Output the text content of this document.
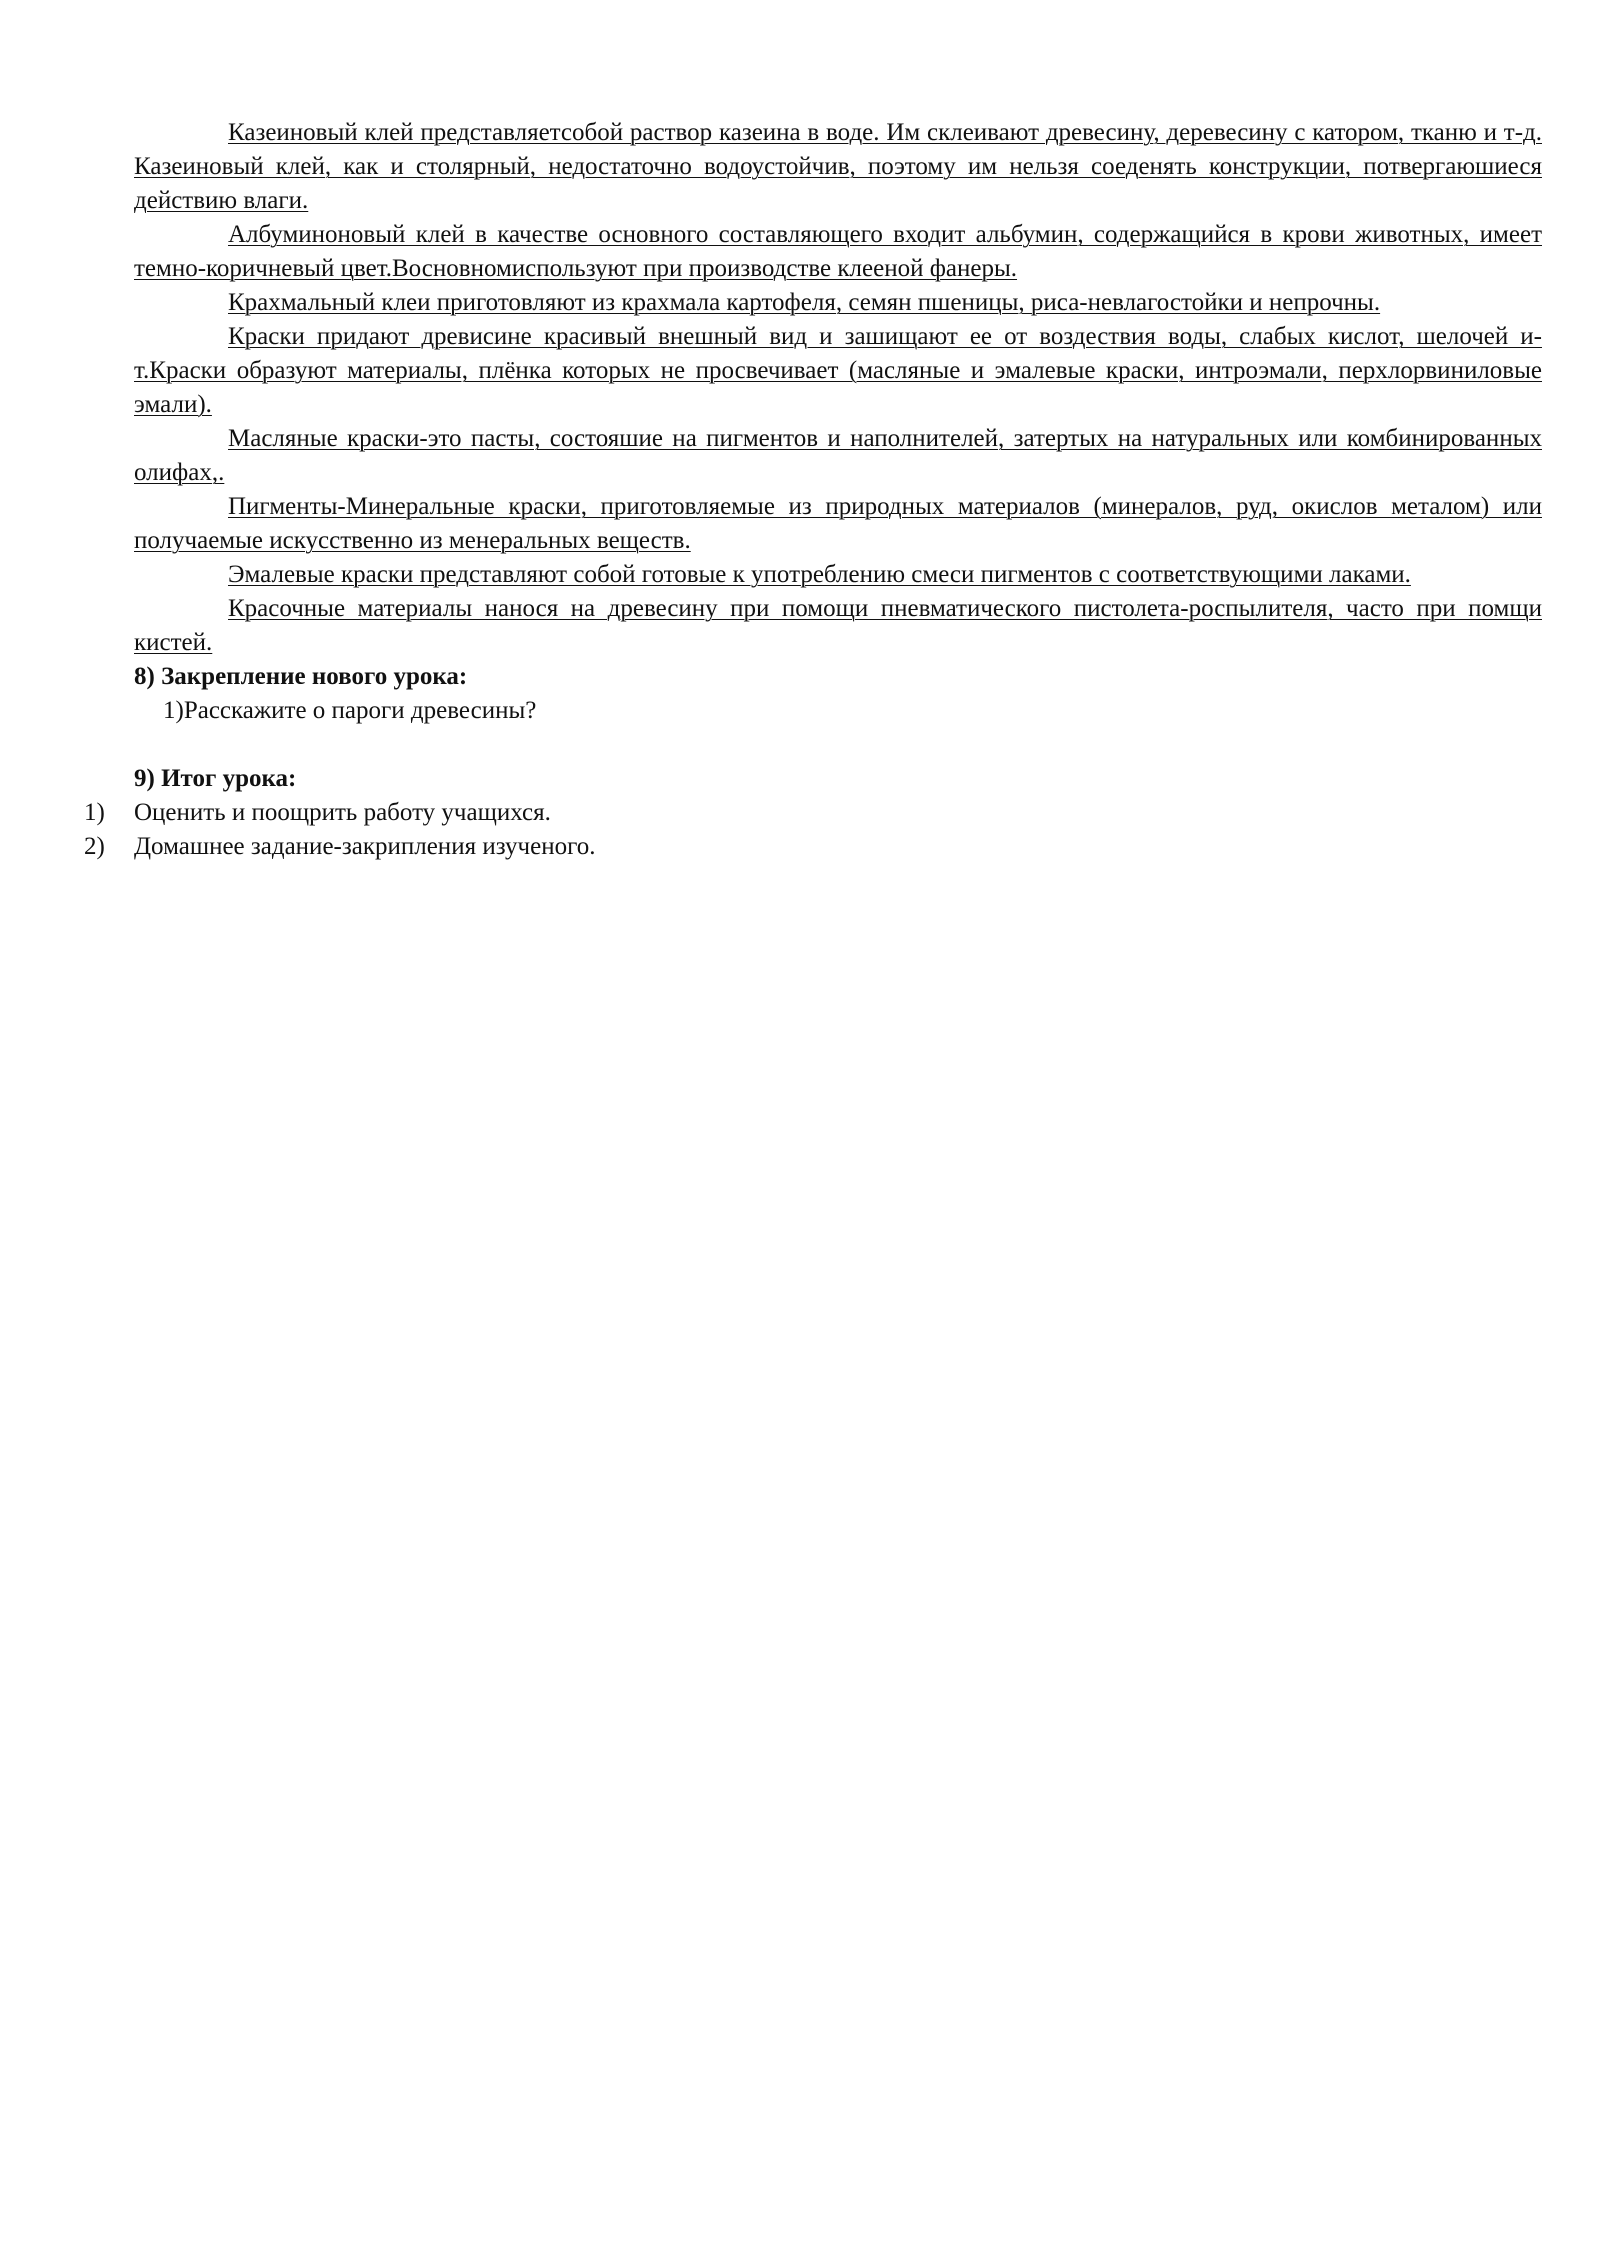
Казеиновый клей представляетсобой раствор казеина в воде. Им склеивают древесину, деревесину с катором, тканю и т-д. Казеиновый клей, как и столярный, недостаточно водоустойчив, поэтому им нельзя соеденять конструкции, потвергаюшиеся действию влаги.

Албуминоновый клей в качестве основного составляющего входит альбумин, содержащийся в крови животных, имеет темно-коричневый цвет.Восновномиспользуют при производстве клееной фанеры.

Крахмальный клеи приготовляют из крахмала картофеля, семян пшеницы, риса-невлагостойки и непрочны.

Краски придают древисине красивый внешный вид и зашищают ее от воздествия воды, слабых кислот, шелочей и-т.Краски образуют материалы, плёнка которых не просвечивает (масляные и эмалевые краски, интроэмали, перхлорвиниловые эмали).

Масляные краски-это пасты, состояшие на пигментов и наполнителей, затертых на натуральных или комбинированных олифах,.

Пигменты-Минеральные краски, приготовляемые из природных материалов (минералов, руд, окислов металом) или получаемые искусственно из менеральных веществ.

Эмалевые краски представляют собой готовые к употреблению смеси пигментов с соответствующими лаками.

Красочные материалы нанося на древесину при помощи пневматического пистолета-роспылителя, часто при помщи кистей.

8) Закрепление нового урока:

1)Расскажите о пароги древесины?

9) Итог урока:

1) Оценить и поощрить работу учащихся.
2) Домашнее задание-закрипления изученого.
